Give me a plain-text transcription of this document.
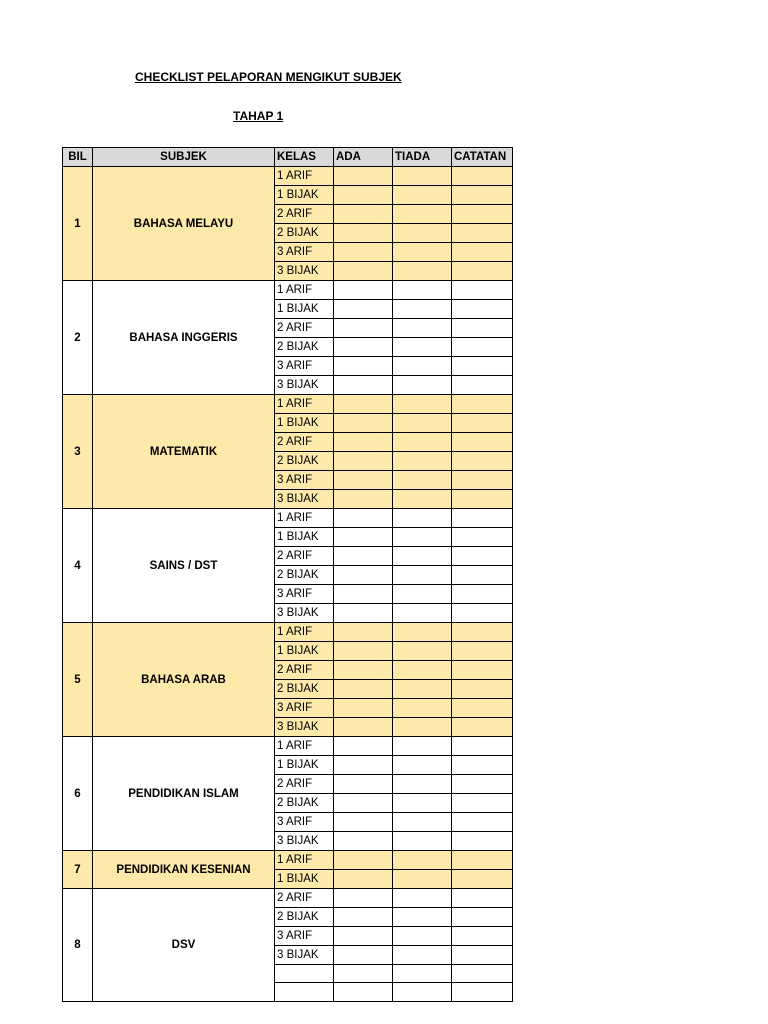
CHECKLIST PELAPORAN MENGIKUT SUBJEK
TAHAP 1
BIL	SUBJEK	KELAS	ADA	TIADA	CATATAN
1	BAHASA MELAYU	1 ARIF			
		1 BIJAK			
		2 ARIF			
		2 BIJAK			
		3 ARIF			
		3 BIJAK			
2	BAHASA INGGERIS	1 ARIF			
		1 BIJAK			
		2 ARIF			
		2 BIJAK			
		3 ARIF			
		3 BIJAK			
3	MATEMATIK	1 ARIF			
		1 BIJAK			
		2 ARIF			
		2 BIJAK			
		3 ARIF			
		3 BIJAK			
4	SAINS / DST	1 ARIF			
		1 BIJAK			
		2 ARIF			
		2 BIJAK			
		3 ARIF			
		3 BIJAK			
5	BAHASA ARAB	1 ARIF			
		1 BIJAK			
		2 ARIF			
		2 BIJAK			
		3 ARIF			
		3 BIJAK			
6	PENDIDIKAN ISLAM	1 ARIF			
		1 BIJAK			
		2 ARIF			
		2 BIJAK			
		3 ARIF			
		3 BIJAK			
7	PENDIDIKAN KESENIAN	1 ARIF			
		1 BIJAK			
8	DSV	2 ARIF			
		2 BIJAK			
		3 ARIF			
		3 BIJAK			
